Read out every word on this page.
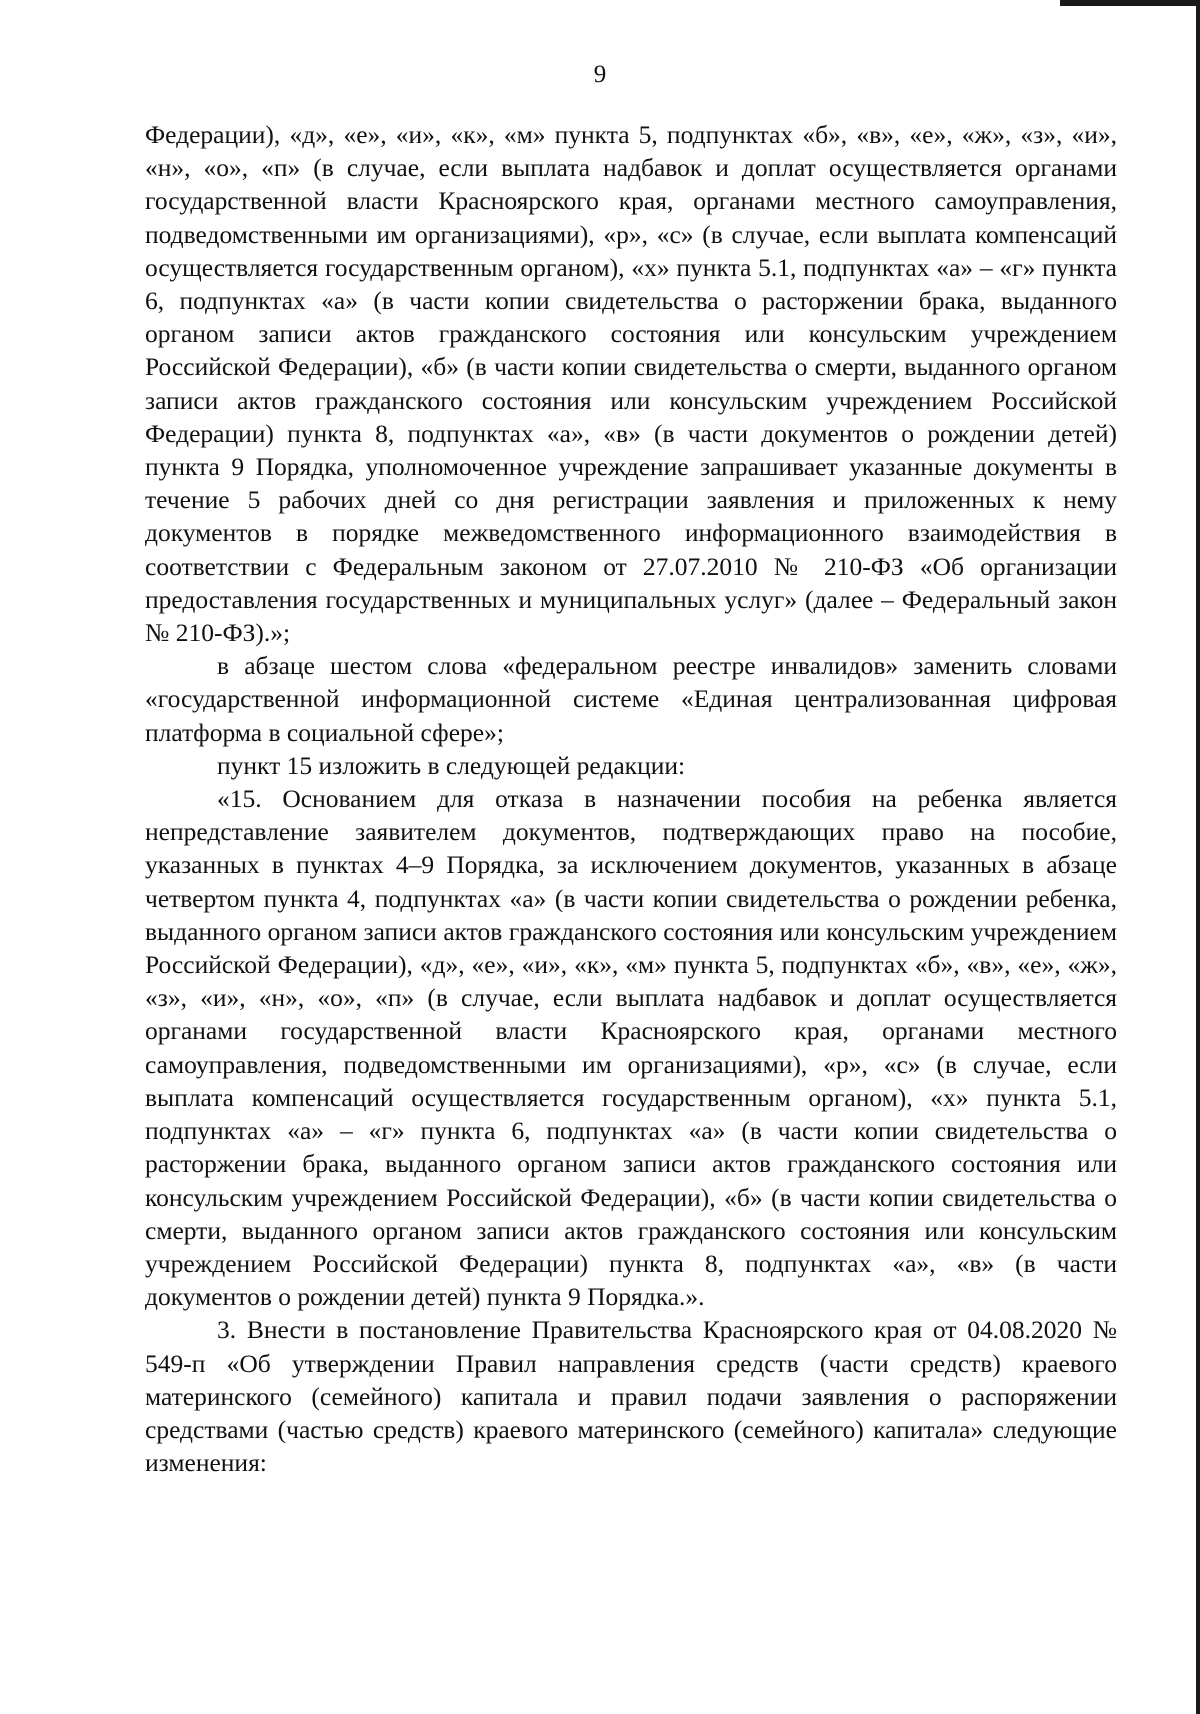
9

Федерации), «д», «е», «и», «к», «м» пункта 5, подпунктах «б», «в», «е», «ж», «з», «и», «н», «о», «п» (в случае, если выплата надбавок и доплат осуществляется органами государственной власти Красноярского края, органами местного самоуправления, подведомственными им организациями), «р», «с» (в случае, если выплата компенсаций осуществляется государственным органом), «х» пункта 5.1, подпунктах «а» – «г» пункта 6, подпунктах «а» (в части копии свидетельства о расторжении брака, выданного органом записи актов гражданского состояния или консульским учреждением Российской Федерации), «б» (в части копии свидетельства о смерти, выданного органом записи актов гражданского состояния или консульским учреждением Российской Федерации) пункта 8, подпунктах «а», «в» (в части документов о рождении детей) пункта 9 Порядка, уполномоченное учреждение запрашивает указанные документы в течение 5 рабочих дней со дня регистрации заявления и приложенных к нему документов в порядке межведомственного информационного взаимодействия в соответствии с Федеральным законом от 27.07.2010 № 210-ФЗ «Об организации предоставления государственных и муниципальных услуг» (далее – Федеральный закон № 210-ФЗ).»;

в абзаце шестом слова «федеральном реестре инвалидов» заменить словами «государственной информационной системе «Единая централизованная цифровая платформа в социальной сфере»;

пункт 15 изложить в следующей редакции:

«15. Основанием для отказа в назначении пособия на ребенка является непредставление заявителем документов, подтверждающих право на пособие, указанных в пунктах 4–9 Порядка, за исключением документов, указанных в абзаце четвертом пункта 4, подпунктах «а» (в части копии свидетельства о рождении ребенка, выданного органом записи актов гражданского состояния или консульским учреждением Российской Федерации), «д», «е», «и», «к», «м» пункта 5, подпунктах «б», «в», «е», «ж», «з», «и», «н», «о», «п» (в случае, если выплата надбавок и доплат осуществляется органами государственной власти Красноярского края, органами местного самоуправления, подведомственными им организациями), «р», «с» (в случае, если выплата компенсаций осуществляется государственным органом), «х» пункта 5.1, подпунктах «а» – «г» пункта 6, подпунктах «а» (в части копии свидетельства о расторжении брака, выданного органом записи актов гражданского состояния или консульским учреждением Российской Федерации), «б» (в части копии свидетельства о смерти, выданного органом записи актов гражданского состояния или консульским учреждением Российской Федерации) пункта 8, подпунктах «а», «в» (в части документов о рождении детей) пункта 9 Порядка.».

3. Внести в постановление Правительства Красноярского края от 04.08.2020 № 549-п «Об утверждении Правил направления средств (части средств) краевого материнского (семейного) капитала и правил подачи заявления о распоряжении средствами (частью средств) краевого материнского (семейного) капитала» следующие изменения:
